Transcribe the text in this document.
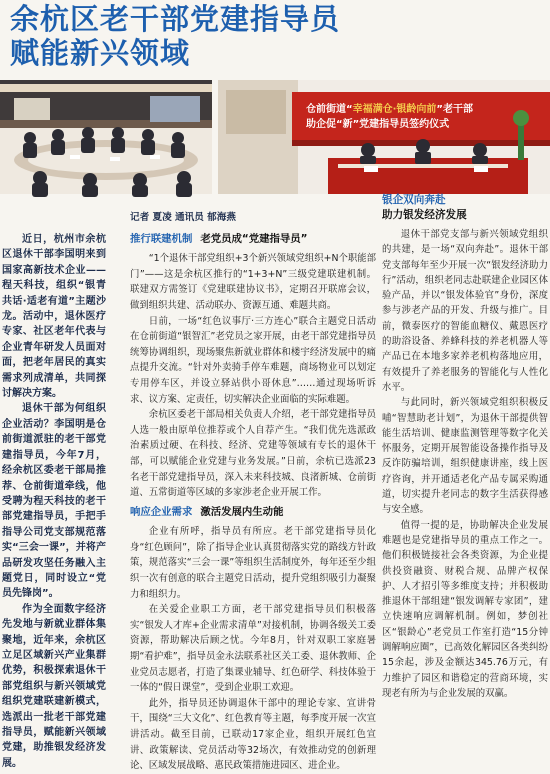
余杭区老干部党建指导员
赋能新兴领域
仓前街道“幸福满仓·银龄向前”老干部
助企促“新”党建指导员签约仪式

近日，杭州市余杭区退休干部李国明来到国家高新技术企业——程天科技，组织“银青共话·适老有道”主题沙龙。活动中，退休医疗专家、社区老年代表与企业青年研发人员面对面，把老年居民的真实需求列成清单，共同探讨解决方案。

退休干部为何组织企业活动？李国明是仓前街道派驻的老干部党建指导员，今年7月，经余杭区委老干部局推荐、仓前街道牵线，他受聘为程天科技的老干部党建指导员，手把手指导公司党支部规范落实“三会一课”，并将产品研发攻坚任务融入主题党日，同时设立“党员先锋岗”。

作为全面数字经济先发地与新就业群体集聚地，近年来，余杭区立足区域新兴产业集群优势，积极探索退休干部党组织与新兴领域党组织党建联建新模式，选派出一批老干部党建指导员，赋能新兴领域党建，助推银发经济发展。

记者 夏凌 通讯员 郁海燕
推行联建机制 老党员成“党建指导员”

“1个退休干部党组织+3个新兴领域党组织+N个职能部门”——这是余杭区推行的“1+3+N”三级党建联建机制。联建双方需签订《党建联建协议书》，定期召开联席会议，做到组织共建、活动联办、资源互通、难题共商。

日前，一场“红色议事厅·三方连心”联合主题党日活动在仓前街道“银智汇”老党员之家开展，由老干部党建指导员统筹协调组织，现场聚焦新就业群体和楼宇经济发展中的痛点提升交流。“针对外卖骑手停车难题，商场物业可以划定专用停车区，并设立驿站供小哥休息”……通过现场听诉求、议方案、定责任，切实解决企业面临的实际难题。

余杭区委老干部局相关负责人介绍，老干部党建指导员人选一般由原单位推荐或个人自荐产生。“我们优先选派政治素质过硬、在科技、经济、党建等领域有专长的退休干部，可以赋能企业党建与业务发展。”日前，余杭已选派23名老干部党建指导员，深入未来科技城、良渚新城、仓前街道、五常街道等区域的多家涉老企业开展工作。

响应企业需求 激活发展内生动能

企业有所呼，指导员有所应。老干部党建指导员化身“红色顾问”，除了指导企业认真贯彻落实党的路线方针政策，规范落实“三会一课”等组织生活制度外，每年还至少组织一次有创意的联合主题党日活动，提升党组织吸引力凝聚力和组织力。

在关爱企业职工方面，老干部党建指导员们积极落实“银发人才库+企业需求清单”对接机制，协调各级关工委资源，帮助解决后顾之忧。今年8月，针对双职工家庭暑期“看护难”，指导员金永法联系社区关工委、退休教师、企业党员志愿者，打造了集课业辅导、红色研学、科技体验于一体的“假日课堂”，受到企业职工欢迎。

此外，指导员还协调退休干部中的理论专家、宣讲骨干，围绕“三大文化”、红色教育等主题，每季度开展一次宣讲活动。截至目前，已联动17家企业，组织开展红色宣讲、政策解读、党员活动等32场次，有效推动党的创新理论、区域发展战略、惠民政策措施进园区、进企业。

银企双向奔赴
助力银发经济发展

退休干部党支部与新兴领域党组织的共建，是一场“双向奔赴”。退休干部党支部每年至少开展一次“银发经济助力行”活动，组织老同志赴联建企业园区体验产品，并以“银发体验官”身份，深度参与涉老产品的开发、升级与推广。目前，微泰医疗的智能血糖仪、戴恩医疗的助浴设备、养蜂科技的养老机器人等产品已在本地多家养老机构落地应用，有效提升了养老服务的智能化与人性化水平。

与此同时，新兴领域党组织积极反哺“智慧助老计划”，为退休干部提供智能生活培训、健康监测管理等数字化关怀服务，定期开展智能设备操作指导及反诈防骗培训，组织健康讲座，线上医疗咨询，并开通适老化产品专属采购通道，切实提升老同志的数字生活获得感与安全感。

值得一提的是，协助解决企业发展难题也是党建指导员的重点工作之一。他们积极链接社会各类资源，为企业提供投资融资、财税合规、品牌产权保护、人才招引等多维度支持；并积极助推退休干部组建“银发调解专家团”，建立快速响应调解机制。例如，梦创社区“银龄心”老党员工作室打造“15分钟调解响应圈”，已高效化解园区各类纠纷15余起，涉及金额达345.76万元，有力维护了园区和谐稳定的营商环境，实现老有所为与企业发展的双赢。
